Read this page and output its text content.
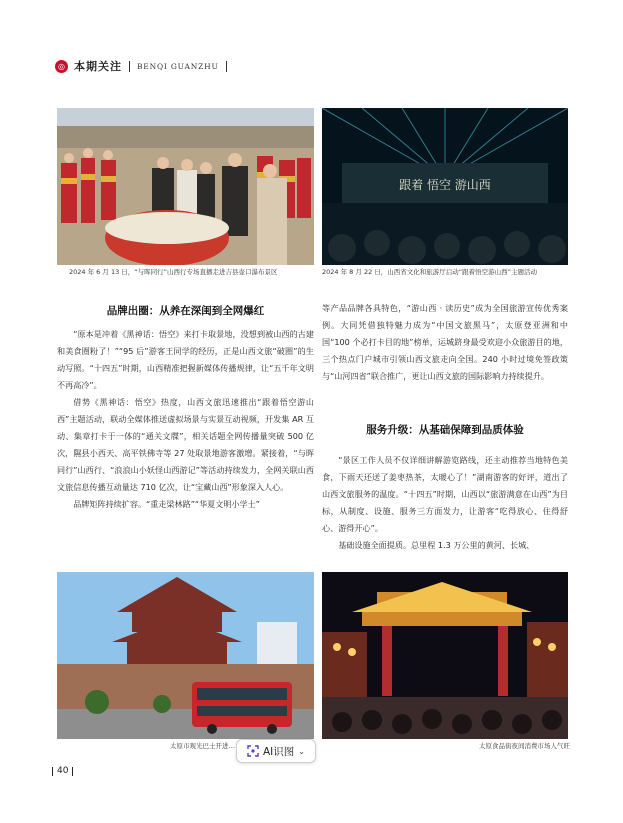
◎ 本期关注 BENQI GUANZHU
2024 年 6 月 13 日，“与晖同行”山西行专场直播走进吉县壶口瀑布景区
跟着 悟空 游山西
2024 年 8 月 22 日，山西省文化和旅游厅启动“跟着悟空游山西”主题活动
品牌出圈：从养在深闺到全网爆红

“原本是冲着《黑神话：悟空》来打卡取景地，没想到被山西的古建和美食圈粉了！”“95 后”游客王同学的经历，正是山西文旅“破圈”的生动写照。“十四五”时期，山西精准把握新媒体传播规律，让“五千年文明不再高冷”。

借势《黑神话：悟空》热度，山西文旅迅速推出“跟着悟空游山西”主题活动，联动全媒体推送虚拟场景与实景互动视频，开发集 AR 互动、集章打卡于一体的“通关文牒”，相关话题全网传播量突破 500 亿次，隰县小西天、高平铁佛寺等 27 处取景地游客激增。紧接着，“与晖同行”山西行、“浪浪山小妖怪山西游记”等活动持续发力，全网关联山西文旅信息传播互动量达 710 亿次，让“宝藏山西”形象深入人心。

品牌矩阵持续扩容。“重走梁林路”“华夏文明小学士”

等产品品牌各具特色，“游山西 · 读历史”成为全国旅游宣传优秀案例。大同凭借独特魅力成为“中国文旅黑马”，太原登亚洲和中国“100 个必打卡目的地”榜单，运城跻身最受欢迎小众旅游目的地，三个热点门户城市引领山西文旅走向全国。240 小时过境免签政策与“山河四省”联合推广，更让山西文旅的国际影响力持续提升。

服务升级：从基础保障到品质体验

“景区工作人员不仅详细讲解游览路线，还主动推荐当地特色美食，下雨天还送了姜枣热茶，太暖心了！”湖南游客的好评，道出了山西文旅服务的温度。“十四五”时期，山西以“旅游满意在山西”为目标，从制度、设施、服务三方面发力，让游客“吃得放心、住得舒心、游得开心”。

基础设施全面提质。总里程 1.3 万公里的黄河、长城、

太原市观光巴士开进…	太原食品街夜间消费市场人气旺
AI识图 ⌄
40
